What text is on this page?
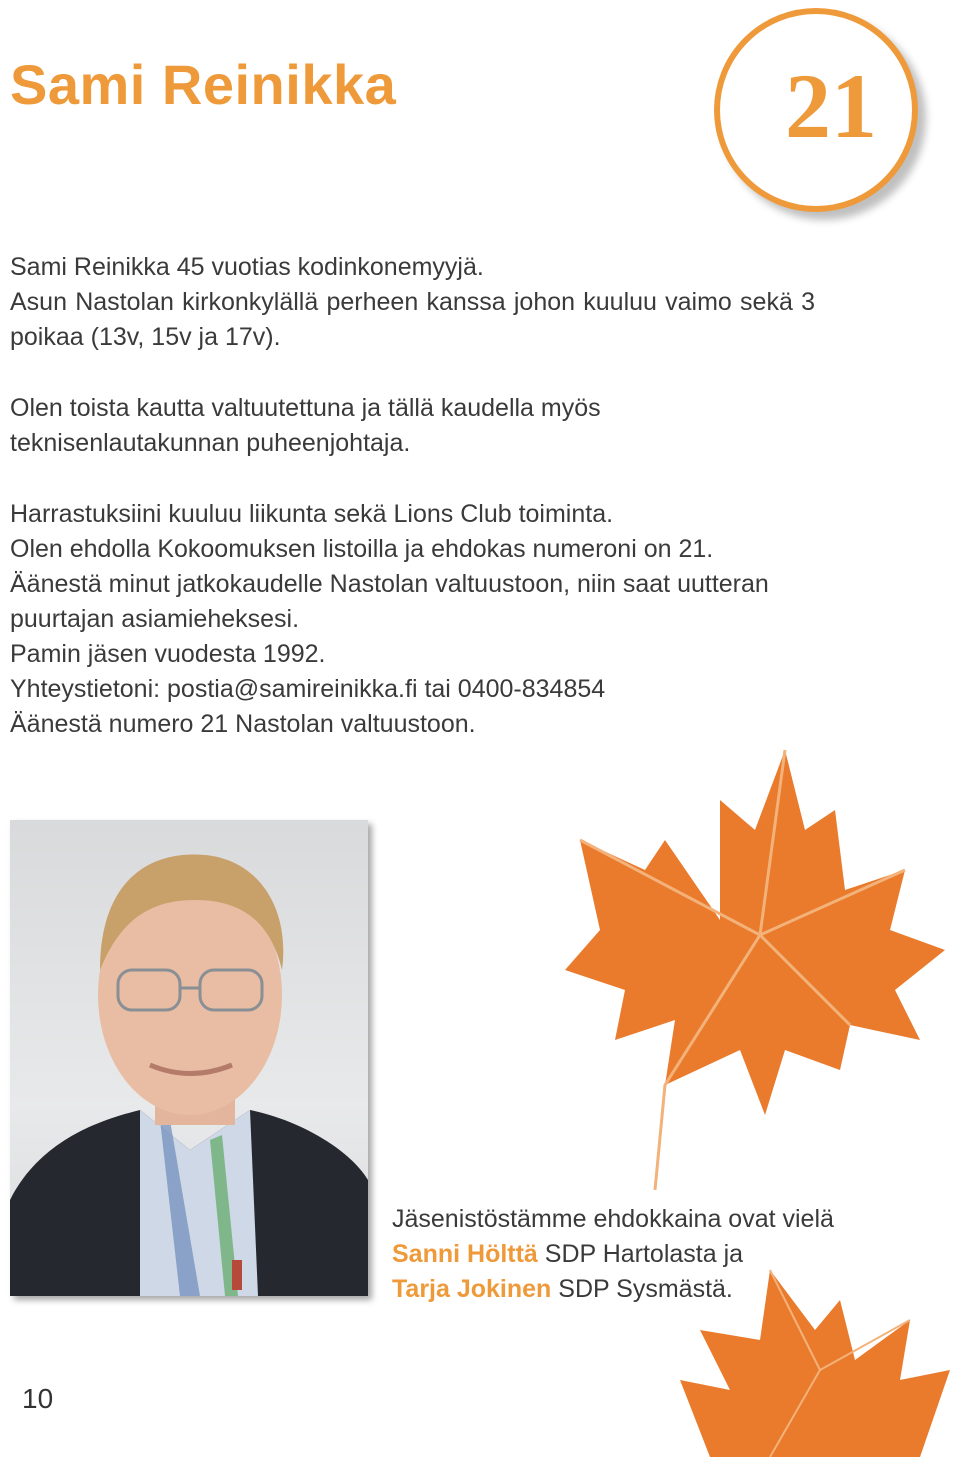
Sami Reinikka	21

Sami Reinikka 45 vuotias kodinkonemyyjä.

Asun Nastolan kirkonkylällä perheen kanssa johon kuuluu vaimo sekä 3 poikaa (13v, 15v ja 17v).

Olen toista kautta valtuutettuna ja tällä kaudella myös teknisenlautakunnan puheenjohtaja.

Harrastuksiini kuuluu liikunta sekä Lions Club toiminta.

Olen ehdolla Kokoomuksen listoilla ja ehdokas numeroni on 21.

Äänestä minut jatkokaudelle Nastolan valtuustoon, niin saat uutteran puurtajan asiamieheksesi.

Pamin jäsen vuodesta 1992.

Yhteystietoni: postia@samireinikka.fi tai 0400-834854

Äänestä numero 21 Nastolan valtuustoon.

Jäsenistöstämme ehdokkaina ovat vielä

Sanni Hölttä SDP Hartolasta ja

Tarja Jokinen SDP Sysmästä.

10
